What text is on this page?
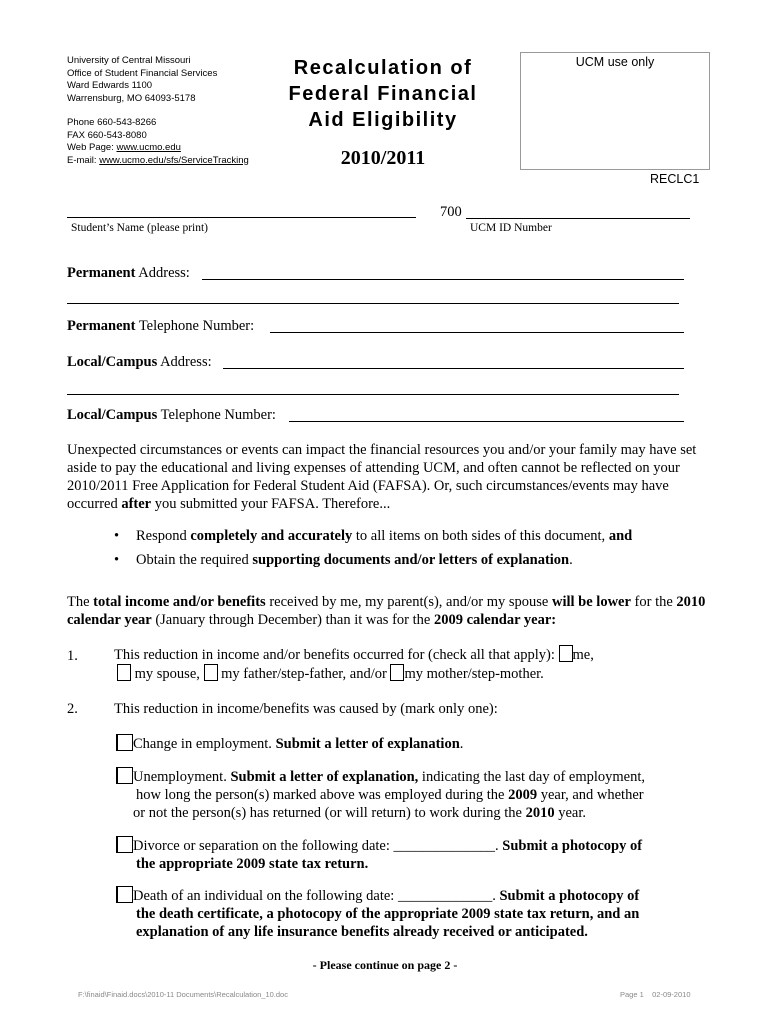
University of Central Missouri
Office of Student Financial Services
Ward Edwards 1100
Warrensburg, MO 64093-5178
Phone 660-543-8266
FAX 660-543-8080
Web Page: www.ucmo.edu
E-mail: www.ucmo.edu/sfs/ServiceTracking
Recalculation of
Federal Financial
Aid Eligibility
2010/2011
UCM use only
RECLC1
Student’s Name (please print)
700
UCM ID Number
Permanent Address:
Permanent Telephone Number:
Local/Campus Address:
Local/Campus Telephone Number:
Unexpected circumstances or events can impact the financial resources you and/or your family may have set aside to pay the educational and living expenses of attending UCM, and often cannot be reflected on your 2010/2011 Free Application for Federal Student Aid (FAFSA). Or, such circumstances/events may have occurred after you submitted your FAFSA. Therefore...
• Respond completely and accurately to all items on both sides of this document, and
• Obtain the required supporting documents and/or letters of explanation.
The total income and/or benefits received by me, my parent(s), and/or my spouse will be lower for the 2010 calendar year (January through December) than it was for the 2009 calendar year:
1. This reduction in income and/or benefits occurred for (check all that apply): me,
my spouse, my father/step-father, and/or my mother/step-mother.
2. This reduction in income/benefits was caused by (mark only one):
Change in employment. Submit a letter of explanation.
Unemployment. Submit a letter of explanation, indicating the last day of employment,
how long the person(s) marked above was employed during the 2009 year, and whether
or not the person(s) has returned (or will return) to work during the 2010 year.
Divorce or separation on the following date: ______________. Submit a photocopy of
the appropriate 2009 state tax return.
Death of an individual on the following date: _____________. Submit a photocopy of
the death certificate, a photocopy of the appropriate 2009 state tax return, and an
explanation of any life insurance benefits already received or anticipated.
- Please continue on page 2 -
F:\finaid\Finaid.docs\2010-11 Documents\Recalculation_10.doc	Page 1 02-09-2010
